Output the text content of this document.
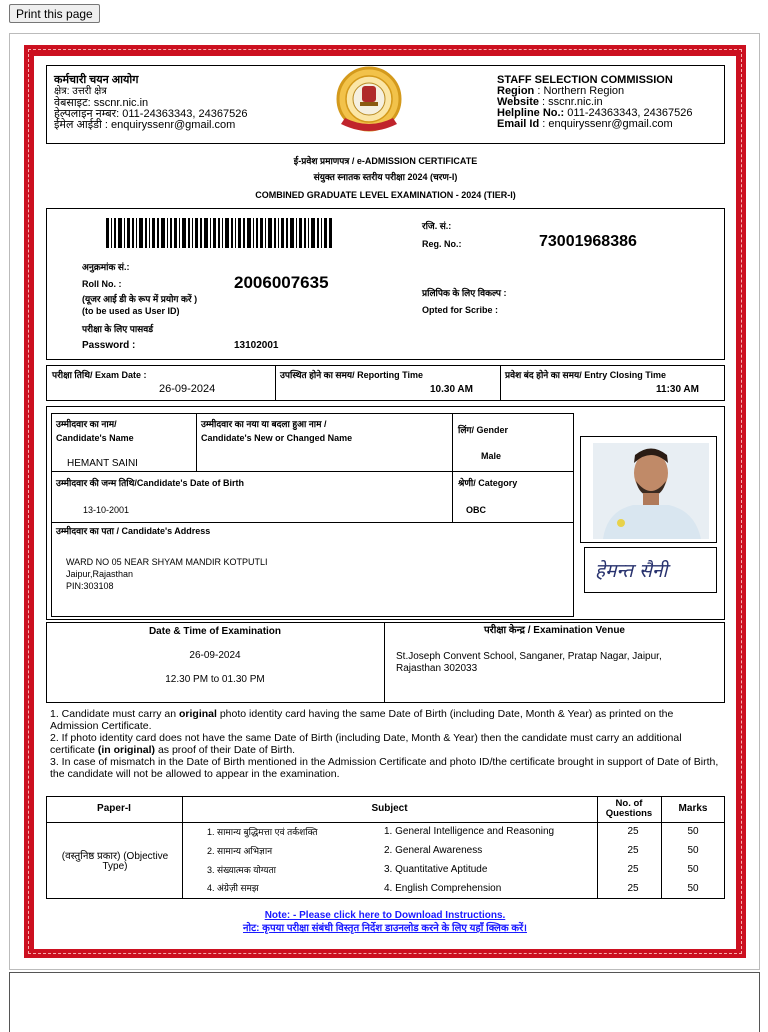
Print this page
कर्मचारी चयन आयोग
क्षेत्र: उत्तरी क्षेत्र
वेबसाइट: sscnr.nic.in
हेल्पलाइन नम्बर: 011-24363343, 24367526
ईमेल आईडी : enquiryssenr@gmail.com
STAFF SELECTION COMMISSION
Region : Northern Region
Website : sscnr.nic.in
Helpline No.: 011-24363343, 24367526
Email Id : enquiryssenr@gmail.com
ई-प्रवेश प्रमाणपत्र / e-ADMISSION CERTIFICATE
संयुक्त स्नातक स्तरीय परीक्षा 2024 (चरण-I)
COMBINED GRADUATE LEVEL EXAMINATION - 2024 (TIER-I)
अनुक्रमांक सं.:
Roll No. :	2006007635
(यूजर आई डी के रूप में प्रयोग करें )
(to be used as User ID)
परीक्षा के लिए पासवर्ड
Password :	13102001
रजि. सं.:
Reg. No.:	73001968386
प्रलिपिक के लिए विकल्प :
Opted for Scribe :
परीक्षा तिथि/ Exam Date :
26-09-2024
उपस्थित होने का समय/ Reporting Time
10.30 AM
प्रवेश बंद होने का समय/ Entry Closing Time
11:30 AM
उम्मीदवार का नाम/
Candidate's Name
HEMANT SAINI
उम्मीदवार का नया या बदला हुआ नाम /
Candidate's New or Changed Name
लिंग/ Gender
Male
उम्मीदवार की जन्म तिथि/Candidate's Date of Birth
13-10-2001
श्रेणी/ Category
OBC
उम्मीदवार का पता / Candidate's Address
WARD NO 05 NEAR SHYAM MANDIR KOTPUTLI
Jaipur,Rajasthan
PIN:303108
हेमन्त सैनी
Date & Time of Examination
26-09-2024
12.30 PM to 01.30 PM
परीक्षा केन्द्र / Examination Venue
St.Joseph Convent School, Sanganer, Pratap Nagar, Jaipur,
Rajasthan 302033
1. Candidate must carry an original photo identity card having the same Date of Birth (including Date, Month & Year) as printed on the Admission Certificate.
2. If photo identity card does not have the same Date of Birth (including Date, Month & Year) then the candidate must carry an additional certificate (in original) as proof of their Date of Birth.
3. In case of mismatch in the Date of Birth mentioned in the Admission Certificate and photo ID/the certificate brought in support of Date of Birth, the candidate will not be allowed to appear in the examination.
Paper-I	Subject	No. of Questions	Marks
(वस्तुनिष्ठ प्रकार) (Objective Type)
1. सामान्य बुद्धिमत्ता एवं तर्कशक्ति	1. General Intelligence and Reasoning	25	50
2. सामान्य अभिज्ञान	2. General Awareness	25	50
3. संख्यात्मक योग्यता	3. Quantitative Aptitude	25	50
4. अंग्रेज़ी समझ	4. English Comprehension	25	50
Note: - Please click here to Download Instructions.
नोट: कृपया परीक्षा संबंधी विस्तृत निर्देश डाउनलोड करने के लिए यहाँ क्लिक करें।
